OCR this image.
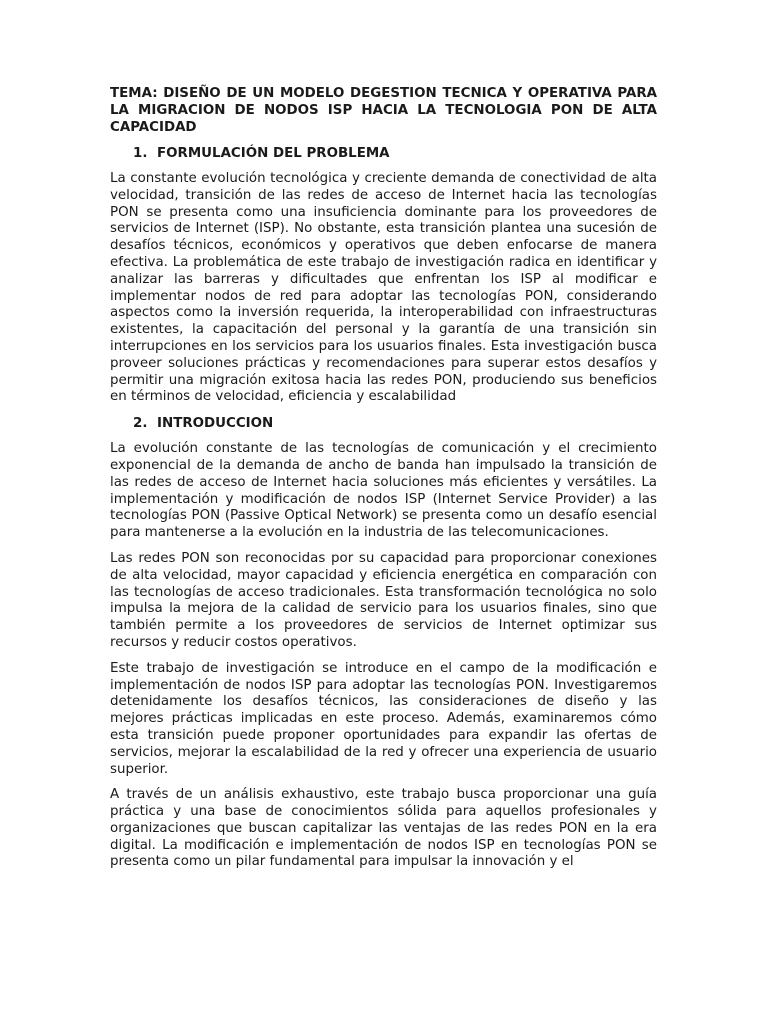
TEMA: DISEÑO DE UN MODELO DEGESTION TECNICA Y OPERATIVA PARA LA MIGRACION DE NODOS ISP HACIA LA TECNOLOGIA PON DE ALTA CAPACIDAD
1. FORMULACIÓN DEL PROBLEMA

La constante evolución tecnológica y creciente demanda de conectividad de alta velocidad, transición de las redes de acceso de Internet hacia las tecnologías PON se presenta como una insuficiencia dominante para los proveedores de servicios de Internet (ISP). No obstante, esta transición plantea una sucesión de desafíos técnicos, económicos y operativos que deben enfocarse de manera efectiva. La problemática de este trabajo de investigación radica en identificar y analizar las barreras y dificultades que enfrentan los ISP al modificar e implementar nodos de red para adoptar las tecnologías PON, considerando aspectos como la inversión requerida, la interoperabilidad con infraestructuras existentes, la capacitación del personal y la garantía de una transición sin interrupciones en los servicios para los usuarios finales. Esta investigación busca proveer soluciones prácticas y recomendaciones para superar estos desafíos y permitir una migración exitosa hacia las redes PON, produciendo sus beneficios en términos de velocidad, eficiencia y escalabilidad

2. INTRODUCCION

La evolución constante de las tecnologías de comunicación y el crecimiento exponencial de la demanda de ancho de banda han impulsado la transición de las redes de acceso de Internet hacia soluciones más eficientes y versátiles. La implementación y modificación de nodos ISP (Internet Service Provider) a las tecnologías PON (Passive Optical Network) se presenta como un desafío esencial para mantenerse a la evolución en la industria de las telecomunicaciones.

Las redes PON son reconocidas por su capacidad para proporcionar conexiones de alta velocidad, mayor capacidad y eficiencia energética en comparación con las tecnologías de acceso tradicionales. Esta transformación tecnológica no solo impulsa la mejora de la calidad de servicio para los usuarios finales, sino que también permite a los proveedores de servicios de Internet optimizar sus recursos y reducir costos operativos.

Este trabajo de investigación se introduce en el campo de la modificación e implementación de nodos ISP para adoptar las tecnologías PON. Investigaremos detenidamente los desafíos técnicos, las consideraciones de diseño y las mejores prácticas implicadas en este proceso. Además, examinaremos cómo esta transición puede proponer oportunidades para expandir las ofertas de servicios, mejorar la escalabilidad de la red y ofrecer una experiencia de usuario superior.

A través de un análisis exhaustivo, este trabajo busca proporcionar una guía práctica y una base de conocimientos sólida para aquellos profesionales y organizaciones que buscan capitalizar las ventajas de las redes PON en la era digital. La modificación e implementación de nodos ISP en tecnologías PON se presenta como un pilar fundamental para impulsar la innovación y el
